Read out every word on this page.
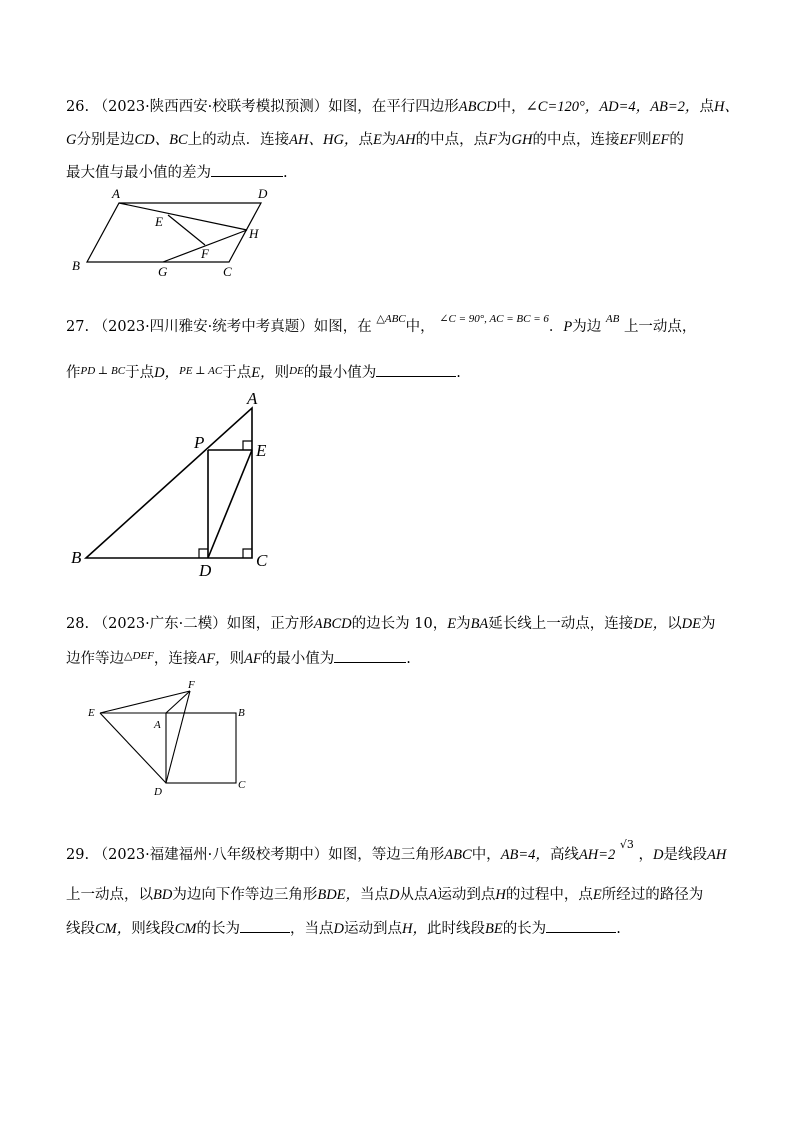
26. （2023·陕西西安·校联考模拟预测）如图，在平行四边形ABCD中，∠C=120°，AD=4，AB=2，点H、
G分别是边CD、BC上的动点．连接AH、HG，点E为AH的中点，点F为GH的中点，连接EF则EF的
最大值与最小值的差为	.
A	D
E
H
F
B	G	C
27. （2023·四川雅安·统考中考真题）如图，在 $^{\triangle ABC}$中， $^{\angle C = 90^\circ, AC = BC = 6}$．P为边 $^{AB}$ 上一动点，
作$^{PD \perp BC}$于点D，$^{PE \perp AC}$于点E，则$^{DE}$的最小值为	.
A
P	E
B
D
C
28. （2023·广东·二模）如图，正方形ABCD的边长为 10，E为BA延长线上一动点，连接DE，以DE为
边作等边$^{\triangle DEF}$，连接AF，则AF的最小值为	.
F
E
A
B
D
C
29. （2023·福建福州·八年级校考期中）如图，等边三角形ABC中，AB=4，高线AH=2 $^{√3}$ ，D是线段AH
上一动点，以BD为边向下作等边三角形BDE，当点D从点A运动到点H的过程中，点E所经过的路径为
线段CM，则线段CM的长为	，当点D运动到点H，此时线段BE的长为	.
